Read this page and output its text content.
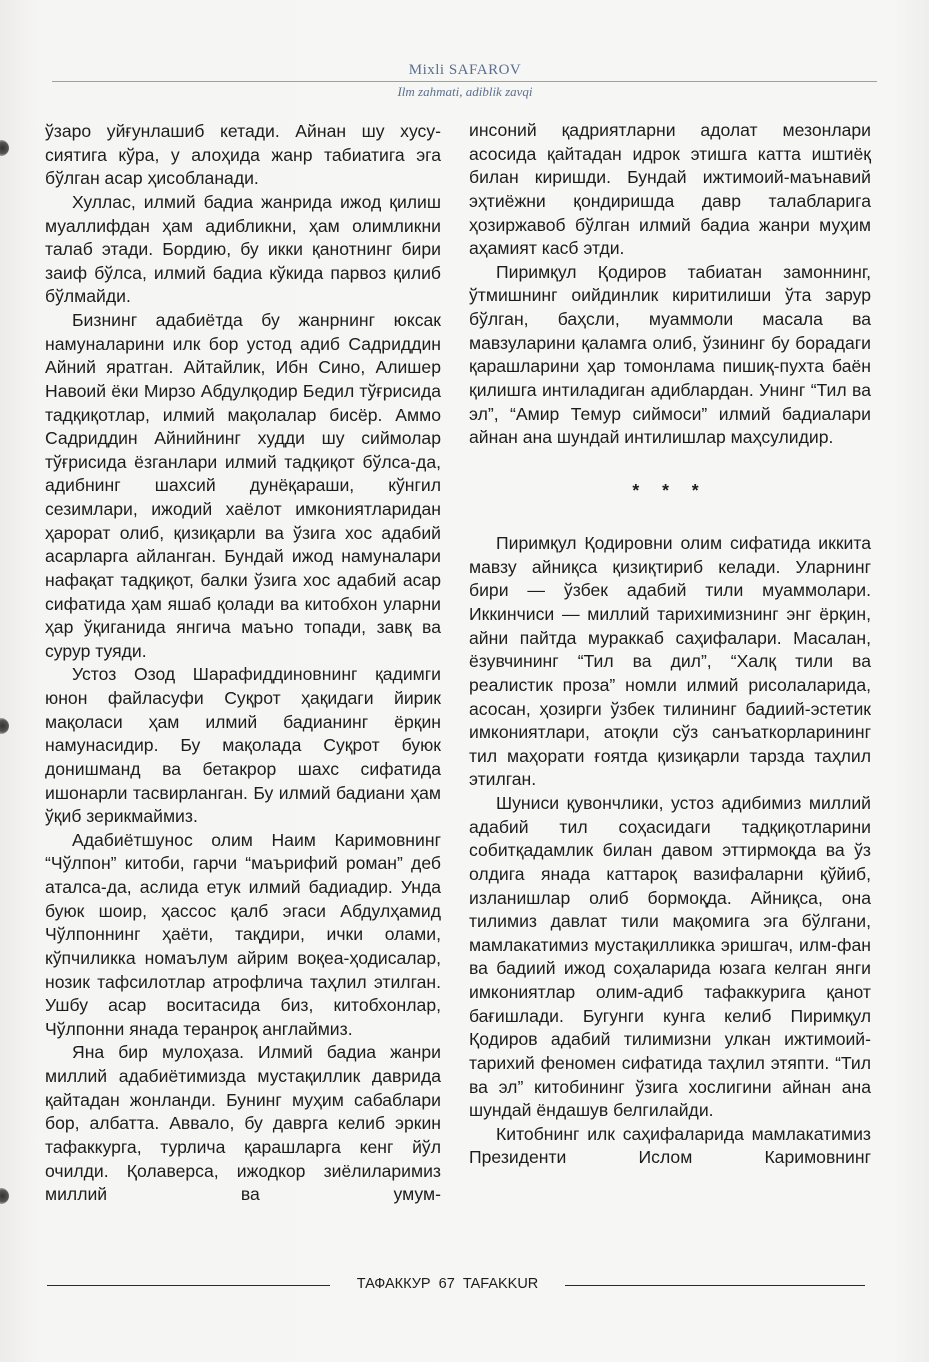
Mixli SAFAROV
Ilm zahmati, adiblik zavqi

ўзаро уйғунлашиб кетади. Айнан шу хусусиятига кўра, у алоҳида жанр табиатига эга бўлган асар ҳисобланади.

Хуллас, илмий бадиа жанрида ижод қилиш муаллифдан ҳам адибликни, ҳам олимликни талаб этади. Бордию, бу икки қанотнинг бири заиф бўлса, илмий бадиа кўкида парвоз қилиб бўлмайди.

Бизнинг адабиётда бу жанрнинг юксак намуналарини илк бор устод адиб Садриддин Айний яратган. Айтайлик, Ибн Сино, Алишер Навоий ёки Мирзо Абдулқодир Бедил тўғрисида тадқиқотлар, илмий мақолалар бисёр. Аммо Садриддин Айнийнинг худди шу сиймолар тўғрисида ёзганлари илмий тадқиқот бўлса-да, адибнинг шахсий дунёқараши, кўнгил сезимлари, ижодий хаёлот имкониятларидан ҳарорат олиб, қизиқарли ва ўзига хос адабий асарларга айланган. Бундай ижод намуналари нафақат тадқиқот, балки ўзига хос адабий асар сифатида ҳам яшаб қолади ва китобхон уларни ҳар ўқиганида янгича маъно топади, завқ ва сурур туяди.

Устоз Озод Шарафиддиновнинг қадимги юнон файласуфи Суқрот ҳақидаги йирик мақоласи ҳам илмий бадианинг ёрқин намунасидир. Бу мақолада Суқрот буюк донишманд ва бетакрор шахс сифатида ишонарли тасвирланган. Бу илмий бадиани ҳам ўқиб зерикмаймиз.

Адабиётшунос олим Наим Каримовнинг “Чўлпон” китоби, гарчи “маърифий роман” деб аталса-да, аслида етук илмий бадиадир. Унда буюк шоир, ҳассос қалб эгаси Абдулҳамид Чўлпоннинг ҳаёти, тақдири, ички олами, кўпчиликка номаълум айрим воқеа-ҳодисалар, нозик тафсилотлар атрофлича таҳлил этилган. Ушбу асар воситасида биз, китобхонлар, Чўлпонни янада теранроқ англаймиз.

Яна бир мулоҳаза. Илмий бадиа жанри миллий адабиётимизда мустақиллик даврида қайтадан жонланди. Бунинг муҳим сабаблари бор, албатта. Аввало, бу даврга келиб эркин тафаккурга, турлича қарашларга кенг йўл очилди. Қолаверса, ижодкор зиёлиларимиз миллий ва умум-

инсоний қадриятларни адолат мезонлари асосида қайтадан идрок этишга катта иштиёқ билан киришди. Бундай ижтимоий-маънавий эҳтиёжни қондиришда давр талабларига ҳозиржавоб бўлган илмий бадиа жанри муҳим аҳамият касб этди.

Пиримқул Қодиров табиатан замоннинг, ўтмишнинг оийдинлик киритилиши ўта зарур бўлган, баҳсли, муаммоли масала ва мавзуларини қаламга олиб, ўзининг бу борадаги қарашларини ҳар томонлама пишиқ-пухта баён қилишга интиладиган адиблардан. Унинг “Тил ва эл”, “Амир Темур сиймоси” илмий бадиалари айнан ана шундай интилишлар маҳсулидир.

* * *

Пиримқул Қодировни олим сифатида иккита мавзу айниқса қизиқтириб келади. Уларнинг бири — ўзбек адабий тили муаммолари. Иккинчиси — миллий тарихимизнинг энг ёрқин, айни пайтда мураккаб саҳифалари. Масалан, ёзувчининг “Тил ва дил”, “Халқ тили ва реалистик проза” номли илмий рисолаларида, асосан, ҳозирги ўзбек тилининг бадиий-эстетик имкониятлари, атоқли сўз санъаткорларининг тил маҳорати ғоятда қизиқарли тарзда таҳлил этилган.

Шуниси қувончлики, устоз адибимиз миллий адабий тил соҳасидаги тадқиқотларини собитқадамлик билан давом эттирмоқда ва ўз олдига янада каттароқ вазифаларни қўйиб, изланишлар олиб бормоқда. Айниқса, она тилимиз давлат тили мақомига эга бўлгани, мамлакатимиз мустақилликка эришгач, илм-фан ва бадиий ижод соҳаларида юзага келган янги имкониятлар олим-адиб тафаккурига қанот бағишлади. Бугунги кунга келиб Пиримқул Қодиров адабий тилимизни улкан ижтимоий-тарихий феномен сифатида таҳлил этяпти. “Тил ва эл” китобининг ўзига хослигини айнан ана шундай ёндашув белгилайди.

Китобнинг илк саҳифаларида мамлакатимиз Президенти Ислом Каримовнинг

ТАФАККУР 67 TAFAKKUR
